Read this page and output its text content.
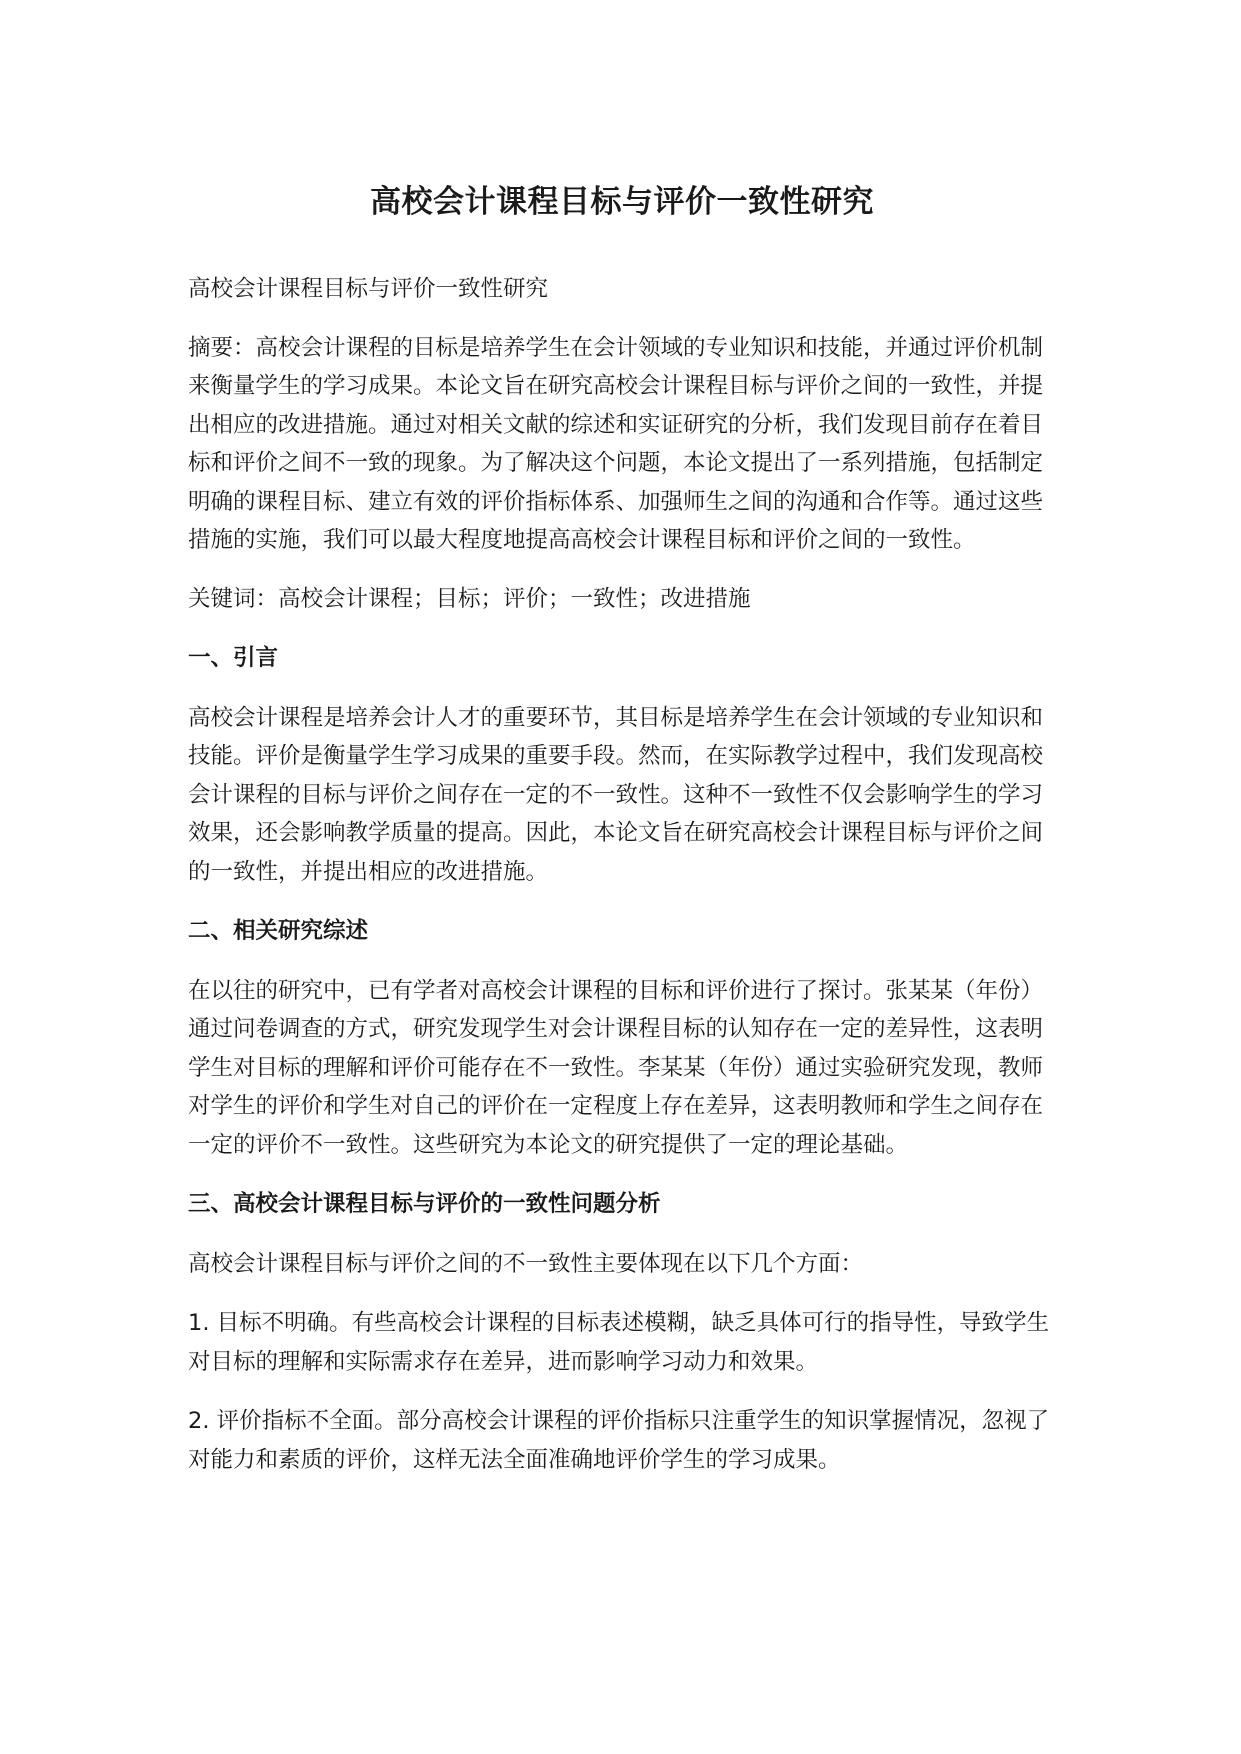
高校会计课程目标与评价一致性研究

高校会计课程目标与评价一致性研究

摘要：高校会计课程的目标是培养学生在会计领域的专业知识和技能，并通过评价机制来衡量学生的学习成果。本论文旨在研究高校会计课程目标与评价之间的一致性，并提出相应的改进措施。通过对相关文献的综述和实证研究的分析，我们发现目前存在着目标和评价之间不一致的现象。为了解决这个问题，本论文提出了一系列措施，包括制定明确的课程目标、建立有效的评价指标体系、加强师生之间的沟通和合作等。通过这些措施的实施，我们可以最大程度地提高高校会计课程目标和评价之间的一致性。

关键词：高校会计课程；目标；评价；一致性；改进措施

一、引言

高校会计课程是培养会计人才的重要环节，其目标是培养学生在会计领域的专业知识和技能。评价是衡量学生学习成果的重要手段。然而，在实际教学过程中，我们发现高校会计课程的目标与评价之间存在一定的不一致性。这种不一致性不仅会影响学生的学习效果，还会影响教学质量的提高。因此，本论文旨在研究高校会计课程目标与评价之间的一致性，并提出相应的改进措施。

二、相关研究综述

在以往的研究中，已有学者对高校会计课程的目标和评价进行了探讨。张某某（年份）通过问卷调查的方式，研究发现学生对会计课程目标的认知存在一定的差异性，这表明学生对目标的理解和评价可能存在不一致性。李某某（年份）通过实验研究发现，教师对学生的评价和学生对自己的评价在一定程度上存在差异，这表明教师和学生之间存在一定的评价不一致性。这些研究为本论文的研究提供了一定的理论基础。

三、高校会计课程目标与评价的一致性问题分析

高校会计课程目标与评价之间的不一致性主要体现在以下几个方面：

1. 目标不明确。有些高校会计课程的目标表述模糊，缺乏具体可行的指导性，导致学生对目标的理解和实际需求存在差异，进而影响学习动力和效果。

2. 评价指标不全面。部分高校会计课程的评价指标只注重学生的知识掌握情况，忽视了对能力和素质的评价，这样无法全面准确地评价学生的学习成果。
